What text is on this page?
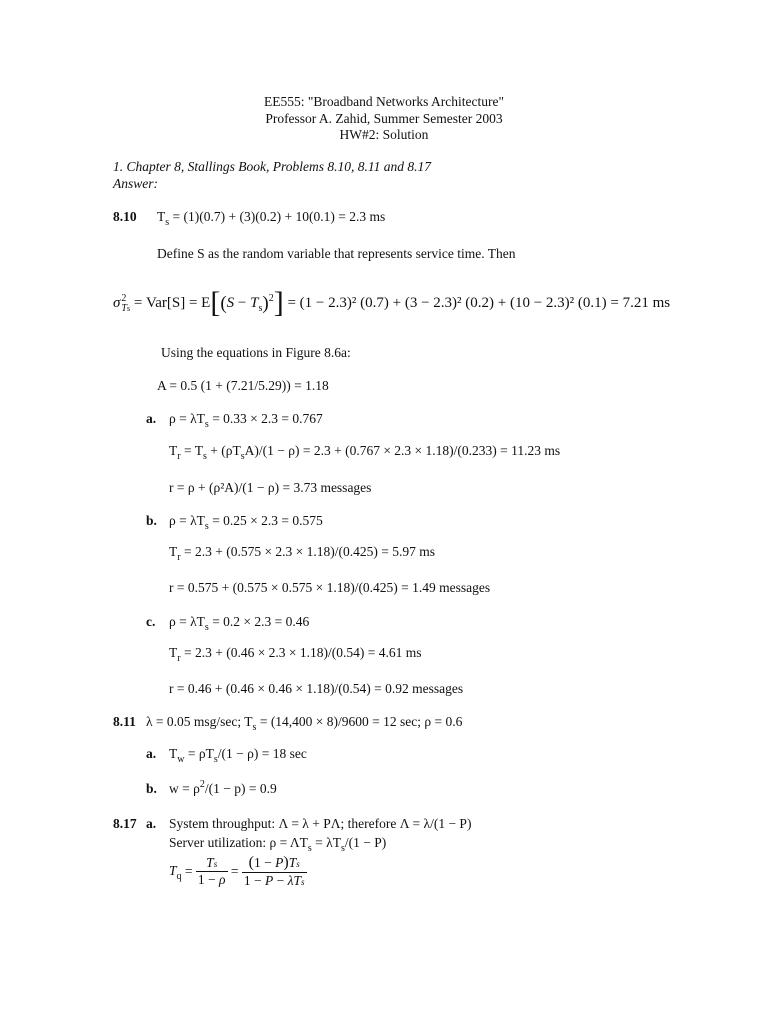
EE555: "Broadband Networks Architecture"
Professor A. Zahid, Summer Semester 2003
HW#2: Solution
1. Chapter 8, Stallings Book, Problems 8.10, 8.11 and 8.17
Answer:
8.10 $T_s = (1)(0.7) + (3)(0.2) + 10(0.1) = 2.3$ ms
Define S as the random variable that represents service time. Then
σ 2
$Ts = Var[S] = E[(S - T_s)^2] = (1 - 2.3)^2$ (0.7) + (3 − 2.3)² (0.2) + (10 − 2.3)² (0.1) = 7.21 ms
Using the equations in Figure 8.6a:
A = 0.5 (1 + (7.21/5.29)) = 1.18
a. $\rho = \lambda T_s = 0.33 \times 2.3 = 0.767$
$T_r = T_s + (\rho T_sA)/(1 - \rho) = 2.3 + (0.767 \times 2.3 \times 1.18)/(0.233) = 11.23$ ms
r = ρ + (ρ²A)/(1 − ρ) = 3.73 messages
b. $\rho = \lambda T_s = 0.25 \times 2.3 = 0.575$
$T_r = 2.3 + (0.575 \times 2.3 \times 1.18)/(0.425) = 5.97$ ms
r = 0.575 + (0.575 × 0.575 × 1.18)/(0.425) = 1.49 messages
c. $\rho = \lambda T_s = 0.2 \times 2.3 = 0.46$
$T_r = 2.3 + (0.46 \times 2.3 \times 1.18)/(0.54) = 4.61$ ms
r = 0.46 + (0.46 × 0.46 × 1.18)/(0.54) = 0.92 messages
8.11 λ = 0.05 msg/sec; $T_s = (14,400 \times 8)/9600 = 12$ sec; ρ = 0.6
a. $T_w = \rho T_s/(1 - \rho) = 18$ sec
b. $w = \rho^2/(1 - p) = 0.9$
8.17 a. System throughput: Λ = λ + PΛ; therefore Λ = λ/(1 − P)
Server utilization: $\rho = \Lambda T_s = \lambda T_s/(1 - P)$
$T_q = \frac{Ts}{1 - \rho} = \frac{(1 - P)Ts}{\text{1 − P − λTs}}$
